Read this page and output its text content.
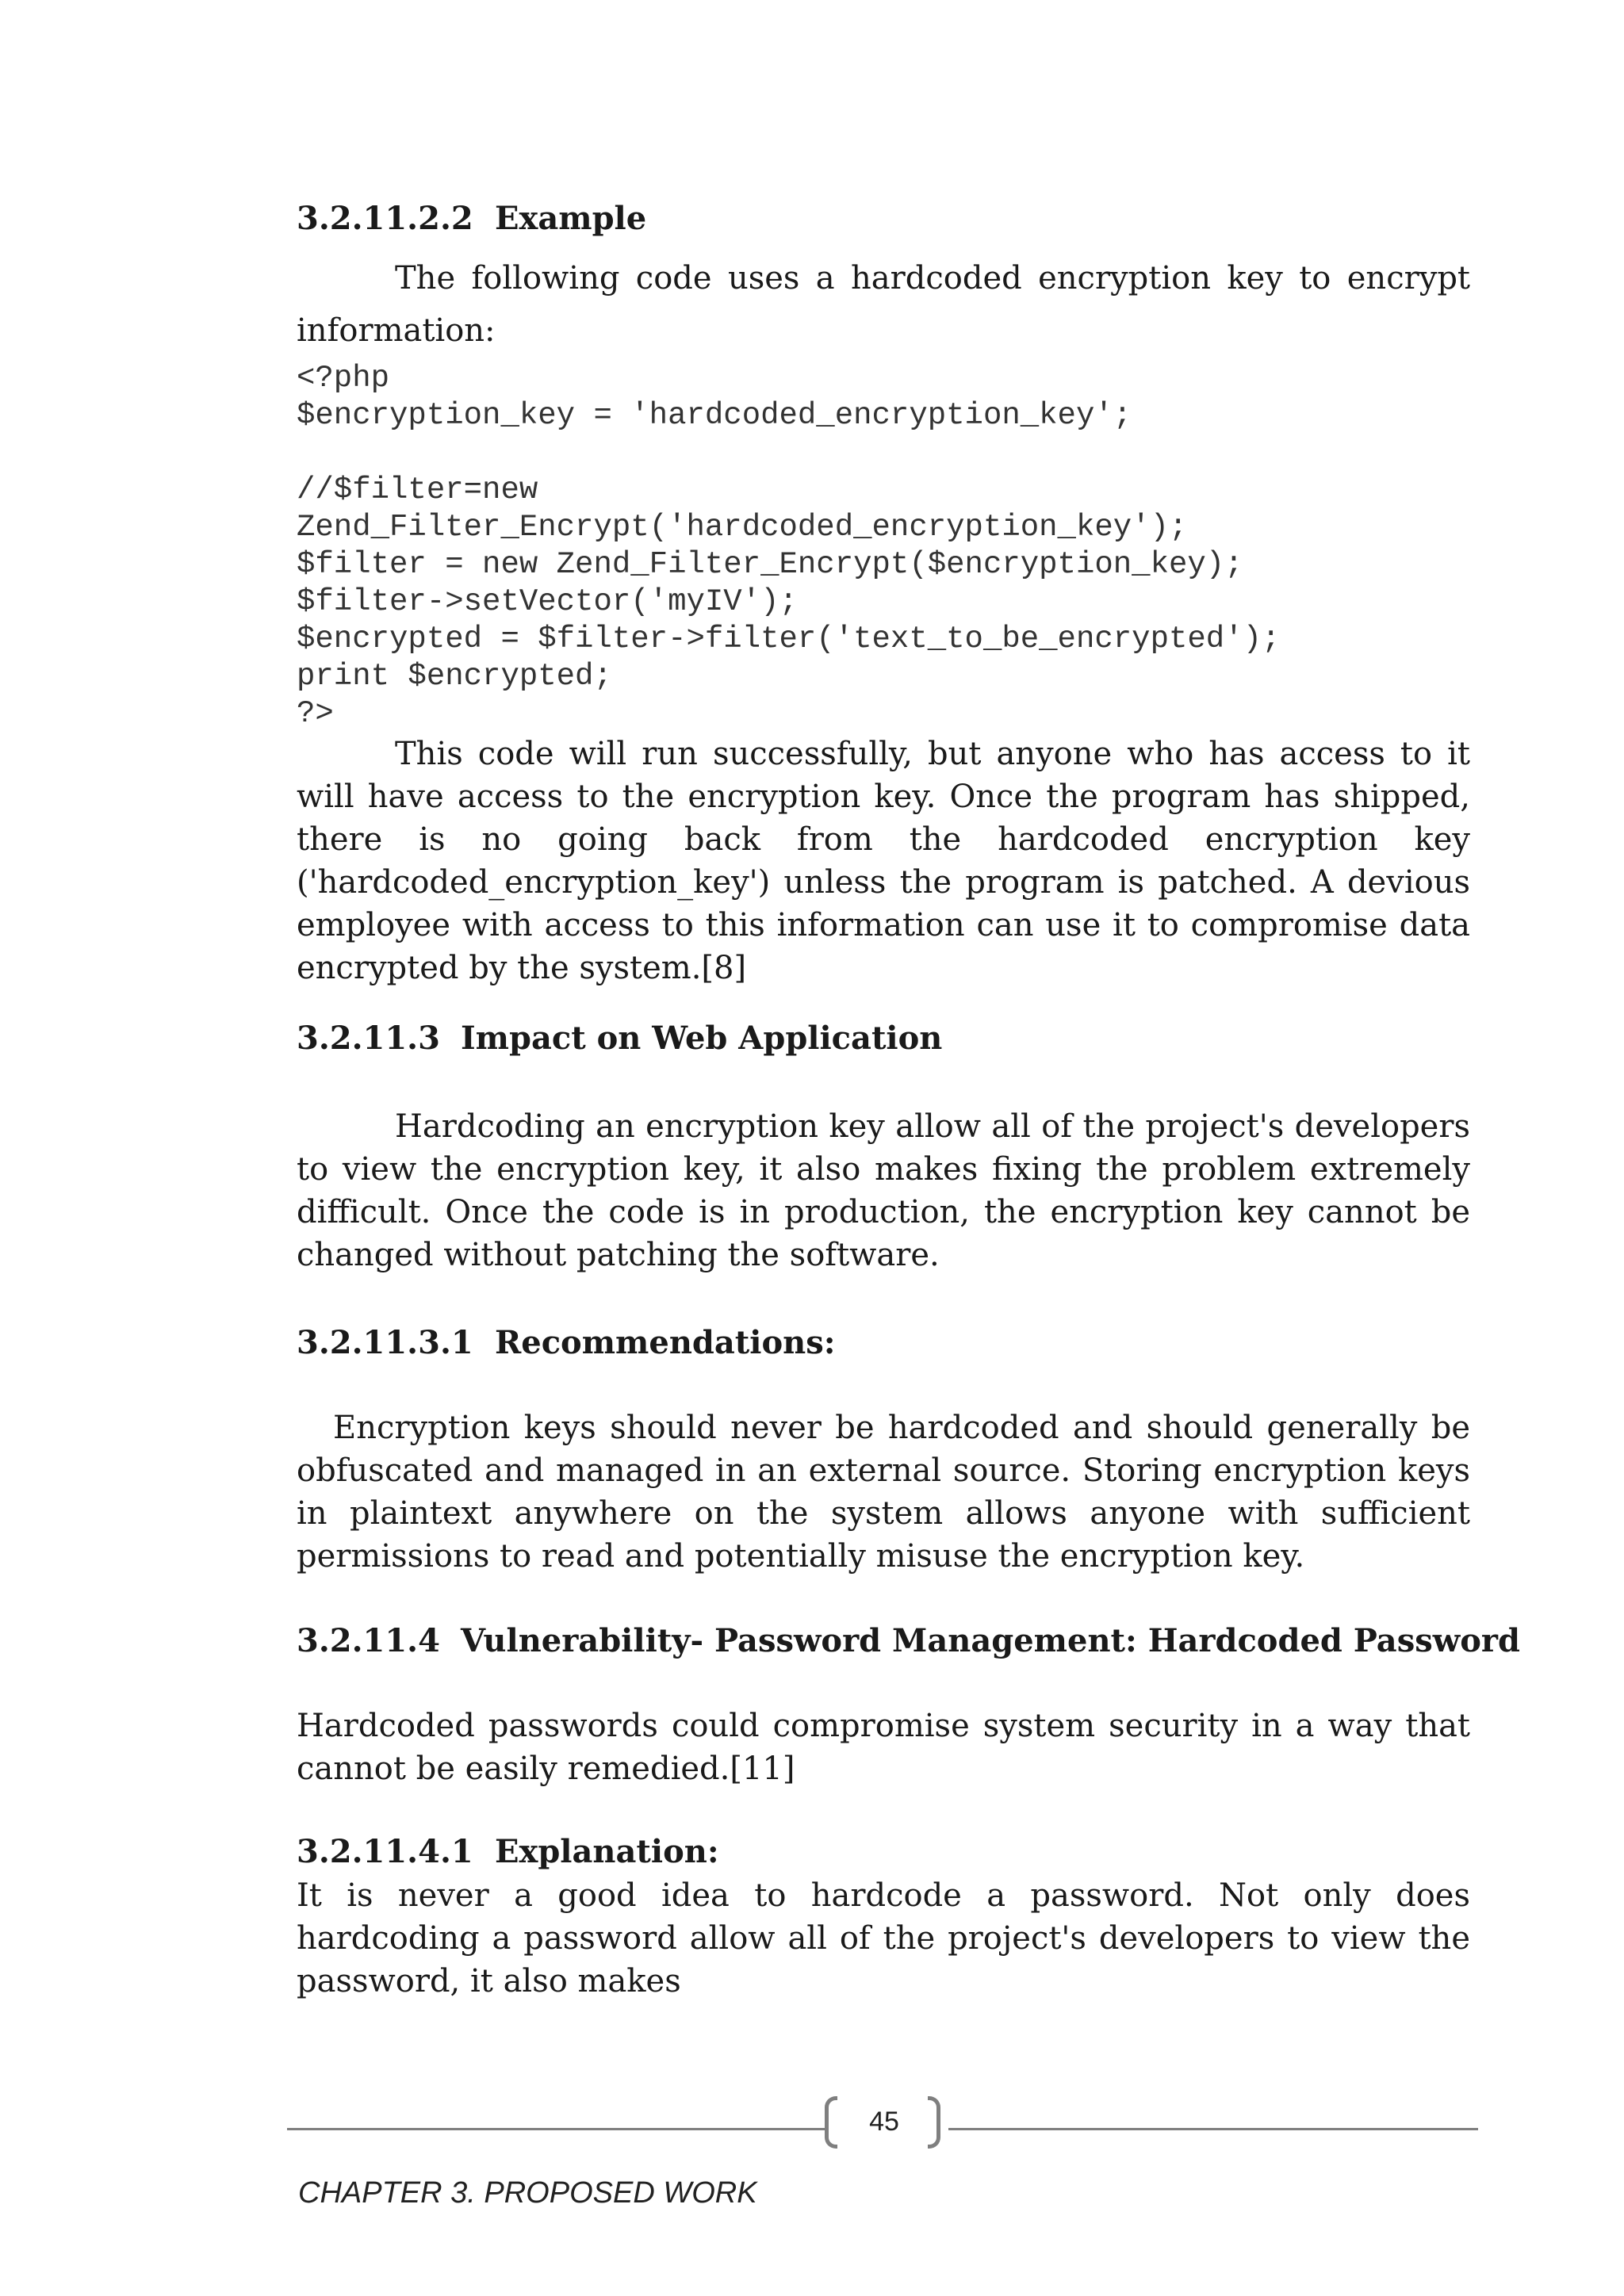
3.2.11.2.2 Example

The following code uses a hardcoded encryption key to encrypt information:

<?php
$encryption_key = 'hardcoded_encryption_key';

//$filter=new
Zend_Filter_Encrypt('hardcoded_encryption_key');
$filter = new Zend_Filter_Encrypt($encryption_key);
$filter->setVector('myIV');
$encrypted = $filter->filter('text_to_be_encrypted');
print $encrypted;
?>

This code will run successfully, but anyone who has access to it will have access to the encryption key. Once the program has shipped, there is no going back from the hardcoded encryption key ('hardcoded_encryption_key') unless the program is patched. A devious employee with access to this information can use it to compromise data encrypted by the system.[8]

3.2.11.3 Impact on Web Application

Hardcoding an encryption key allow all of the project's developers to view the encryption key, it also makes fixing the problem extremely difficult. Once the code is in production, the encryption key cannot be changed without patching the software.

3.2.11.3.1 Recommendations:

Encryption keys should never be hardcoded and should generally be obfuscated and managed in an external source. Storing encryption keys in plaintext anywhere on the system allows anyone with sufficient permissions to read and potentially misuse the encryption key.

3.2.11.4 Vulnerability- Password Management: Hardcoded Password

Hardcoded passwords could compromise system security in a way that cannot be easily remedied.[11]

3.2.11.4.1 Explanation:

It is never a good idea to hardcode a password. Not only does hardcoding a password allow all of the project's developers to view the password, it also makes

45
CHAPTER 3. PROPOSED WORK
